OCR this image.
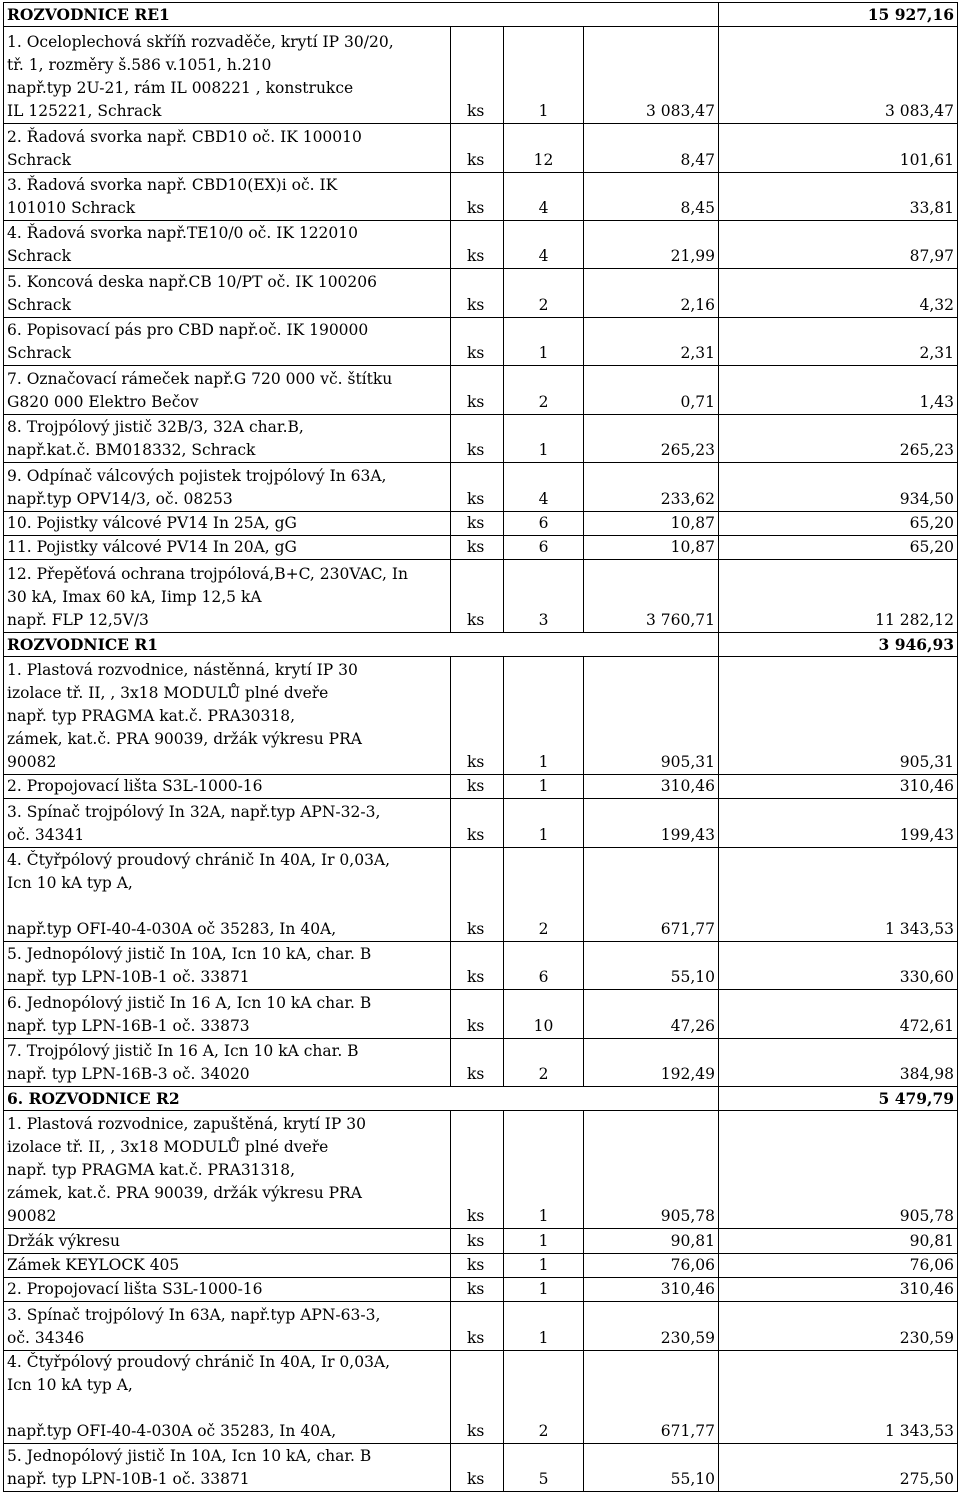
ROZVODNICE RE1				15 927,16
1. Oceloplechová skříň rozvaděče, krytí IP 30/20,
tř. 1, rozměry š.586 v.1051, h.210
např.typ 2U-21, rám IL 008221 , konstrukce
IL 125221, Schrack	ks	1	3 083,47	3 083,47
2. Řadová svorka např. CBD10 oč. IK 100010
Schrack	ks	12	8,47	101,61
3. Řadová svorka např. CBD10(EX)i oč. IK
101010 Schrack	ks	4	8,45	33,81
4. Řadová svorka např.TE10/0 oč. IK 122010
Schrack	ks	4	21,99	87,97
5. Koncová deska např.CB 10/PT oč. IK 100206
Schrack	ks	2	2,16	4,32
6. Popisovací pás pro CBD např.oč. IK 190000
Schrack	ks	1	2,31	2,31
7. Označovací rámeček např.G 720 000 vč. štítku
G820 000 Elektro Bečov	ks	2	0,71	1,43
8. Trojpólový jistič 32B/3, 32A char.B,
např.kat.č. BM018332, Schrack	ks	1	265,23	265,23
9. Odpínač válcových pojistek trojpólový In 63A,
např.typ OPV14/3, oč. 08253	ks	4	233,62	934,50
10. Pojistky válcové PV14 In 25A, gG	ks	6	10,87	65,20
11. Pojistky válcové PV14 In 20A, gG	ks	6	10,87	65,20
12. Přepěťová ochrana trojpólová,B+C, 230VAC, In
30 kA, Imax 60 kA, Iimp 12,5 kA
např. FLP 12,5V/3	ks	3	3 760,71	11 282,12
ROZVODNICE R1				3 946,93
1. Plastová rozvodnice, nástěnná, krytí IP 30
izolace tř. II, , 3x18 MODULŮ plné dveře
např. typ PRAGMA kat.č. PRA30318,
zámek, kat.č. PRA 90039, držák výkresu PRA
90082	ks	1	905,31	905,31
2. Propojovací lišta S3L-1000-16	ks	1	310,46	310,46
3. Spínač trojpólový In 32A, např.typ APN-32-3,
oč. 34341	ks	1	199,43	199,43
4. Čtyřpólový proudový chránič In 40A, Ir 0,03A,
Icn 10 kA typ A,

např.typ OFI-40-4-030A oč 35283, In 40A,	ks	2	671,77	1 343,53
5. Jednopólový jistič In 10A, Icn 10 kA, char. B
např. typ LPN-10B-1 oč. 33871	ks	6	55,10	330,60
6. Jednopólový jistič In 16 A, Icn 10 kA char. B
např. typ LPN-16B-1 oč. 33873	ks	10	47,26	472,61
7. Trojpólový jistič In 16 A, Icn 10 kA char. B
např. typ LPN-16B-3 oč. 34020	ks	2	192,49	384,98
6. ROZVODNICE R2				5 479,79
1. Plastová rozvodnice, zapuštěná, krytí IP 30
izolace tř. II, , 3x18 MODULŮ plné dveře
např. typ PRAGMA kat.č. PRA31318,
zámek, kat.č. PRA 90039, držák výkresu PRA
90082	ks	1	905,78	905,78
Držák výkresu	ks	1	90,81	90,81
Zámek KEYLOCK 405	ks	1	76,06	76,06
2. Propojovací lišta S3L-1000-16	ks	1	310,46	310,46
3. Spínač trojpólový In 63A, např.typ APN-63-3,
oč. 34346	ks	1	230,59	230,59
4. Čtyřpólový proudový chránič In 40A, Ir 0,03A,
Icn 10 kA typ A,

např.typ OFI-40-4-030A oč 35283, In 40A,	ks	2	671,77	1 343,53
5. Jednopólový jistič In 10A, Icn 10 kA, char. B
např. typ LPN-10B-1 oč. 33871	ks	5	55,10	275,50
